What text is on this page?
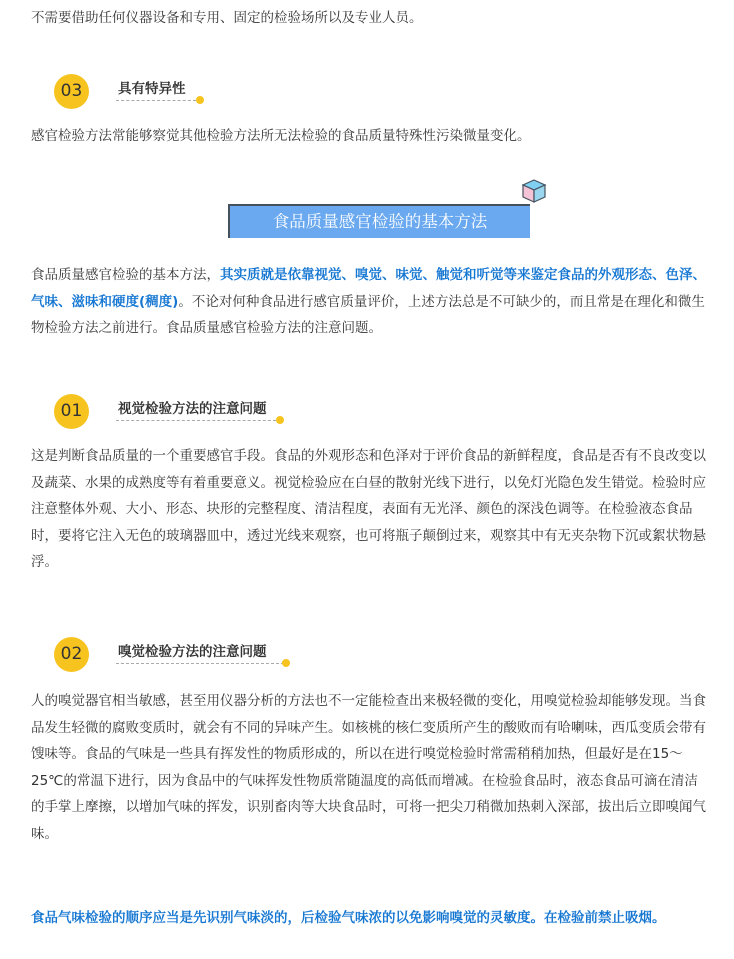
不需要借助任何仪器设备和专用、固定的检验场所以及专业人员。

03	具有特异性

感官检验方法常能够察觉其他检验方法所无法检验的食品质量特殊性污染微量变化。

食品质量感官检验的基本方法

食品质量感官检验的基本方法，其实质就是依靠视觉、嗅觉、味觉、触觉和听觉等来鉴定食品的外观形态、色泽、气味、滋味和硬度(稠度)。不论对何种食品进行感官质量评价，上述方法总是不可缺少的，而且常是在理化和微生物检验方法之前进行。食品质量感官检验方法的注意问题。

01	视觉检验方法的注意问题

这是判断食品质量的一个重要感官手段。食品的外观形态和色泽对于评价食品的新鲜程度，食品是否有不良改变以及蔬菜、水果的成熟度等有着重要意义。视觉检验应在白昼的散射光线下进行，以免灯光隐色发生错觉。检验时应注意整体外观、大小、形态、块形的完整程度、清洁程度，表面有无光泽、颜色的深浅色调等。在检验液态食品时，要将它注入无色的玻璃器皿中，透过光线来观察，也可将瓶子颠倒过来，观察其中有无夹杂物下沉或絮状物悬浮。

02	嗅觉检验方法的注意问题

人的嗅觉器官相当敏感，甚至用仪器分析的方法也不一定能检查出来极轻微的变化，用嗅觉检验却能够发现。当食品发生轻微的腐败变质时，就会有不同的异味产生。如核桃的核仁变质所产生的酸败而有哈喇味，西瓜变质会带有馊味等。食品的气味是一些具有挥发性的物质形成的，所以在进行嗅觉检验时常需稍稍加热，但最好是在15～25℃的常温下进行，因为食品中的气味挥发性物质常随温度的高低而增减。在检验食品时，液态食品可滴在清洁的手掌上摩擦，以增加气味的挥发，识别畜肉等大块食品时，可将一把尖刀稍微加热刺入深部，拔出后立即嗅闻气味。

食品气味检验的顺序应当是先识别气味淡的，后检验气味浓的以免影响嗅觉的灵敏度。在检验前禁止吸烟。
